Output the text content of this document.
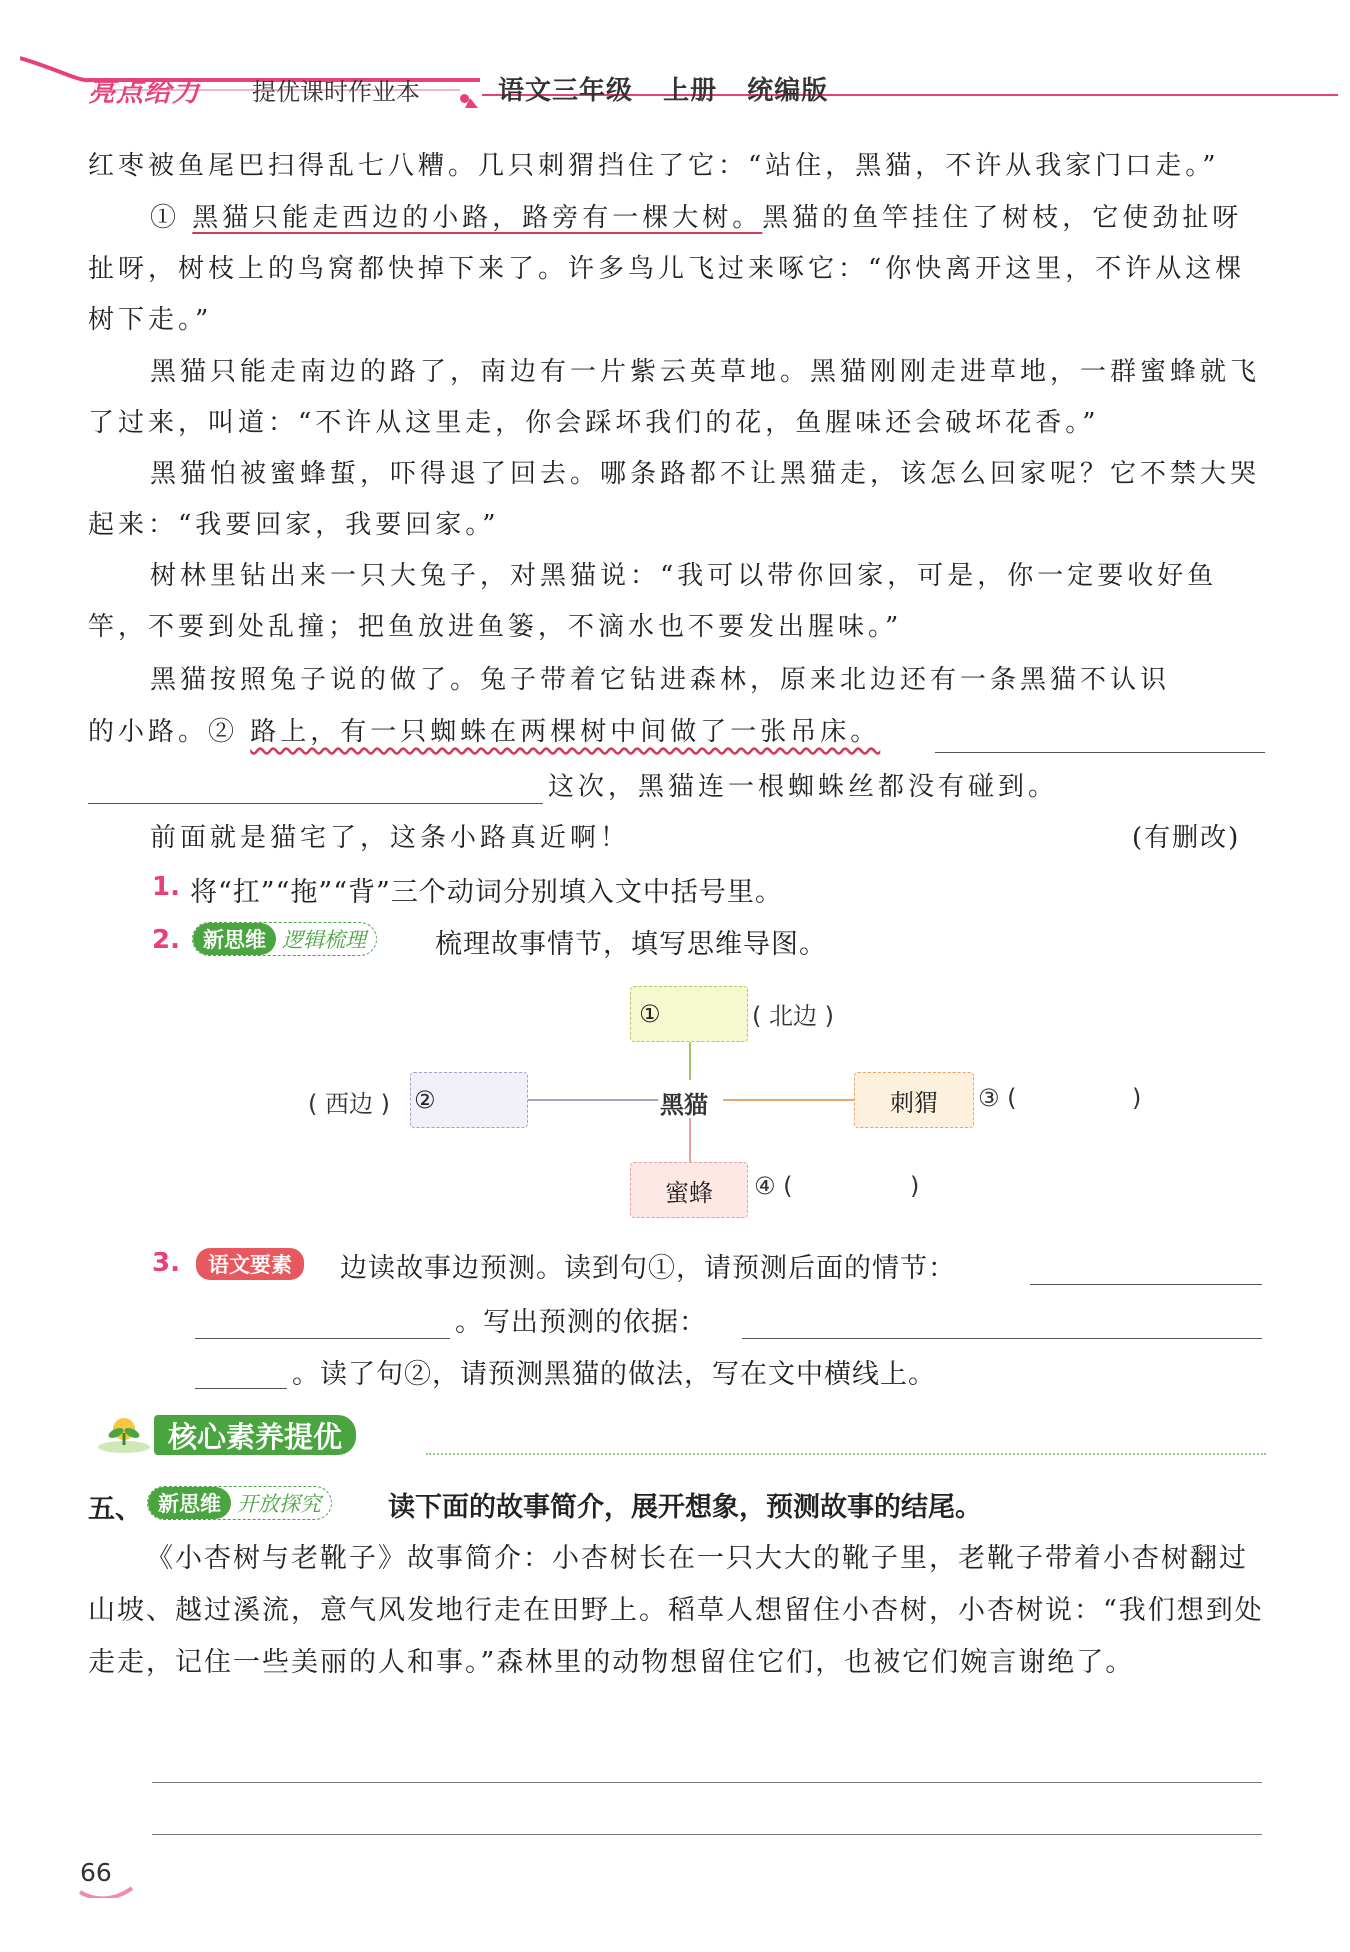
亮点给力 提优课时作业本	语文三年级   上册   统编版
红枣被鱼尾巴扫得乱七八糟。几只刺猬挡住了它：“站住，黑猫，不许从我家门口走。”

① 黑猫只能走西边的小路，路旁有一棵大树。黑猫的鱼竿挂住了树枝，它使劲扯呀扯呀，树枝上的鸟窝都快掉下来了。许多鸟儿飞过来啄它：“你快离开这里，不许从这棵树下走。”

黑猫只能走南边的路了，南边有一片紫云英草地。黑猫刚刚走进草地，一群蜜蜂就飞了过来，叫道：“不许从这里走，你会踩坏我们的花，鱼腥味还会破坏花香。”

黑猫怕被蜜蜂蜇，吓得退了回去。哪条路都不让黑猫走，该怎么回家呢？它不禁大哭起来：“我要回家，我要回家。”

树林里钻出来一只大兔子，对黑猫说：“我可以带你回家，可是，你一定要收好鱼竿，不要到处乱撞；把鱼放进鱼篓，不滴水也不要发出腥味。”

黑猫按照兔子说的做了。兔子带着它钻进森林，原来北边还有一条黑猫不认识
的小路。② 路上，有一只蜘蛛在两棵树中间做了一张吊床。
这次，黑猫连一根蜘蛛丝都没有碰到。
前面就是猫宅了，这条小路真近啊！	(有删改)
1. 将“扛”“拖”“背”三个动词分别填入文中括号里。
2.	新思维 逻辑梳理	梳理故事情节，填写思维导图。
①	( 北边 )
( 西边 ) ②	黑猫	刺猬 ③ (	)
蜜蜂 ④ (	)
3.	语文要素	边读故事边预测。读到句①，请预测后面的情节：
。写出预测的依据：
。读了句②，请预测黑猫的做法，写在文中横线上。
核心素养提优
五、 新思维 开放探究	读下面的故事简介，展开想象，预测故事的结尾。

《小杏树与老靴子》故事简介：小杏树长在一只大大的靴子里，老靴子带着小杏树翻过山坡、越过溪流，意气风发地行走在田野上。稻草人想留住小杏树，小杏树说：“我们想到处走走，记住一些美丽的人和事。”森林里的动物想留住它们，也被它们婉言谢绝了。

66
